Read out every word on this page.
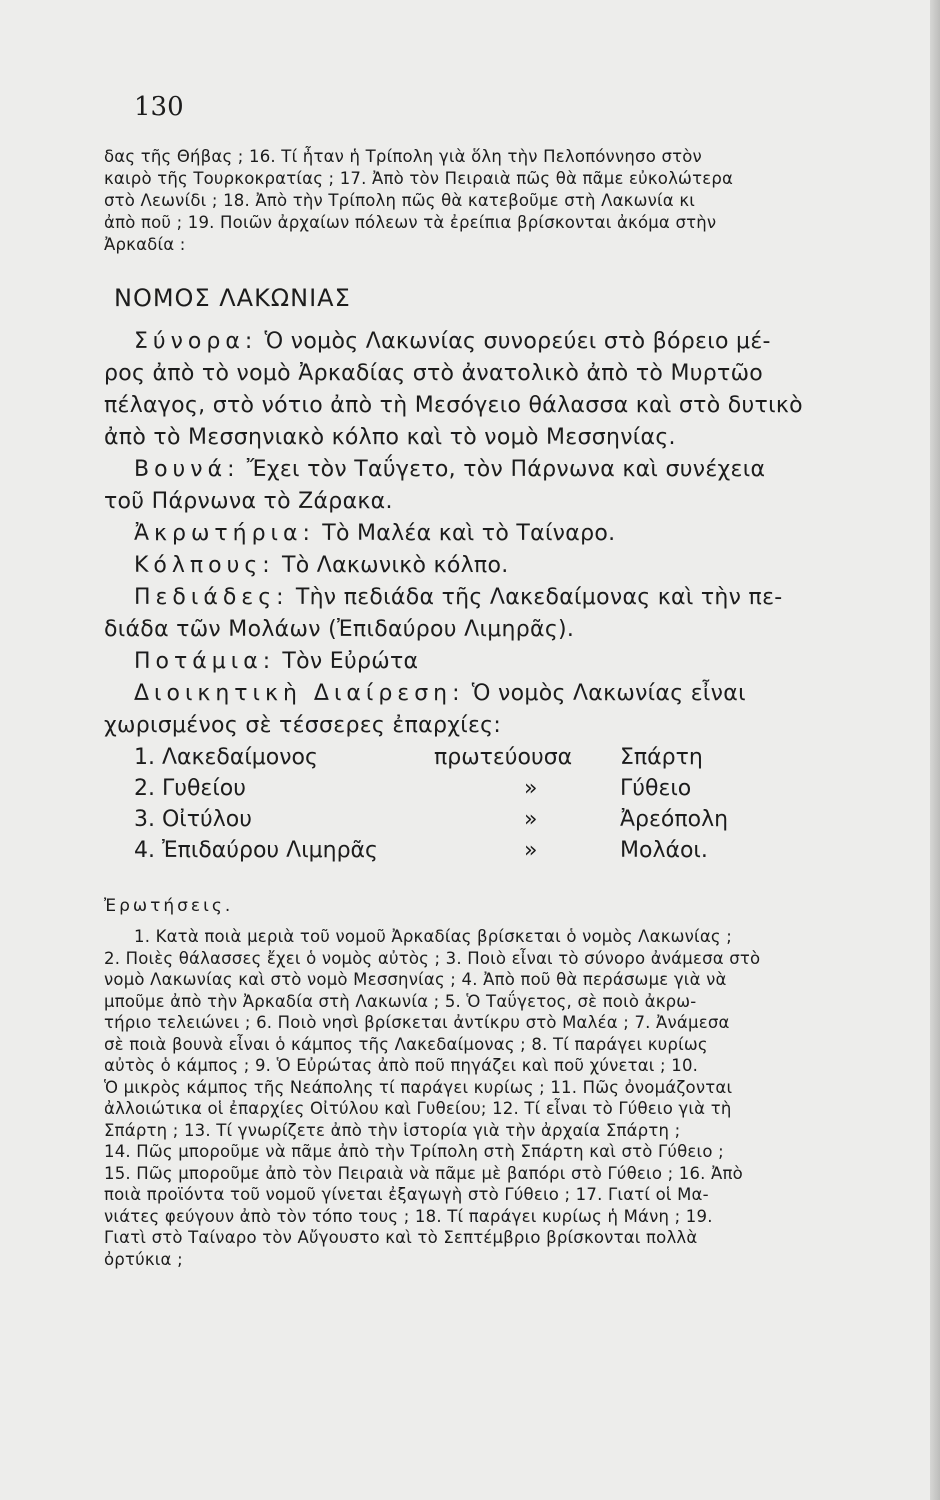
130
δας τῆς Θήβας ; 16. Τί ἦταν ἡ Τρίπολη γιὰ ὅλη τὴν Πελοπόννησο στὸν
καιρὸ τῆς Τουρκοκρατίας ; 17. Ἀπὸ τὸν Πειραιὰ πῶς θὰ πᾶμε εὐκολώτερα
στὸ Λεωνίδι ; 18. Ἀπὸ τὴν Τρίπολη πῶς θὰ κατεβοῦμε στὴ Λακωνία κι
ἀπὸ ποῦ ; 19. Ποιῶν ἀρχαίων πόλεων τὰ ἐρείπια βρίσκονται ἀκόμα στὴν
Ἀρκαδία :
ΝΟΜΟΣ ΛΑΚΩΝΙΑΣ
Σύνορα: Ὁ νομὸς Λακωνίας συνορεύει στὸ βόρειο μέ-
ρος ἀπὸ τὸ νομὸ Ἀρκαδίας στὸ ἀνατολικὸ ἀπὸ τὸ Μυρτῶο
πέλαγος, στὸ νότιο ἀπὸ τὴ Μεσόγειο θάλασσα καὶ στὸ δυτικὸ
ἀπὸ τὸ Μεσσηνιακὸ κόλπο καὶ τὸ νομὸ Μεσσηνίας.
Βουνά: Ἔχει τὸν Ταΰγετο, τὸν Πάρνωνα καὶ συνέχεια
τοῦ Πάρνωνα τὸ Ζάρακα.
Ἀκρωτήρια: Τὸ Μαλέα καὶ τὸ Ταίναρο.
Κόλπους: Τὸ Λακωνικὸ κόλπο.
Πεδιάδες: Τὴν πεδιάδα τῆς Λακεδαίμονας καὶ τὴν πε-
διάδα τῶν Μολάων (Ἐπιδαύρου Λιμηρᾶς).
Ποτάμια: Τὸν Εὐρώτα
Διοικητικὴ Διαίρεση: Ὁ νομὸς Λακωνίας εἶναι
χωρισμένος σὲ τέσσερες ἐπαρχίες:
1. Λακεδαίμονος	πρωτεύουσα	Σπάρτη
2. Γυθείου	»	Γύθειο
3. Οἰτύλου	»	Ἀρεόπολη
4. Ἐπιδαύρου Λιμηρᾶς	»	Μολάοι.
Ἐρωτήσεις.
1. Κατὰ ποιὰ μεριὰ τοῦ νομοῦ Ἀρκαδίας βρίσκεται ὁ νομὸς Λακωνίας ;
2. Ποιὲς θάλασσες ἔχει ὁ νομὸς αὐτὸς ; 3. Ποιὸ εἶναι τὸ σύνορο ἀνάμεσα στὸ
νομὸ Λακωνίας καὶ στὸ νομὸ Μεσσηνίας ; 4. Ἀπὸ ποῦ θὰ περάσωμε γιὰ νὰ
μποῦμε ἀπὸ τὴν Ἀρκαδία στὴ Λακωνία ; 5. Ὁ Ταΰγετος, σὲ ποιὸ ἀκρω-
τήριο τελειώνει ; 6. Ποιὸ νησὶ βρίσκεται ἀντίκρυ στὸ Μαλέα ; 7. Ἀνάμεσα
σὲ ποιὰ βουνὰ εἶναι ὁ κάμπος τῆς Λακεδαίμονας ; 8. Τί παράγει κυρίως
αὐτὸς ὁ κάμπος ; 9. Ὁ Εὐρώτας ἀπὸ ποῦ πηγάζει καὶ ποῦ χύνεται ; 10.
Ὁ μικρὸς κάμπος τῆς Νεάπολης τί παράγει κυρίως ; 11. Πῶς ὀνομάζονται
ἀλλοιώτικα οἱ ἐπαρχίες Οἰτύλου καὶ Γυθείου; 12. Τί εἶναι τὸ Γύθειο γιὰ τὴ
Σπάρτη ; 13. Τί γνωρίζετε ἀπὸ τὴν ἱστορία γιὰ τὴν ἀρχαία Σπάρτη ;
14. Πῶς μποροῦμε νὰ πᾶμε ἀπὸ τὴν Τρίπολη στὴ Σπάρτη καὶ στὸ Γύθειο ;
15. Πῶς μποροῦμε ἀπὸ τὸν Πειραιὰ νὰ πᾶμε μὲ βαπόρι στὸ Γύθειο ; 16. Ἀπὸ
ποιὰ προϊόντα τοῦ νομοῦ γίνεται ἐξαγωγὴ στὸ Γύθειο ; 17. Γιατί οἱ Μα-
νιάτες φεύγουν ἀπὸ τὸν τόπο τους ; 18. Τί παράγει κυρίως ἡ Μάνη ; 19.
Γιατὶ στὸ Ταίναρο τὸν Αὔγουστο καὶ τὸ Σεπτέμβριο βρίσκονται πολλὰ
ὀρτύκια ;
